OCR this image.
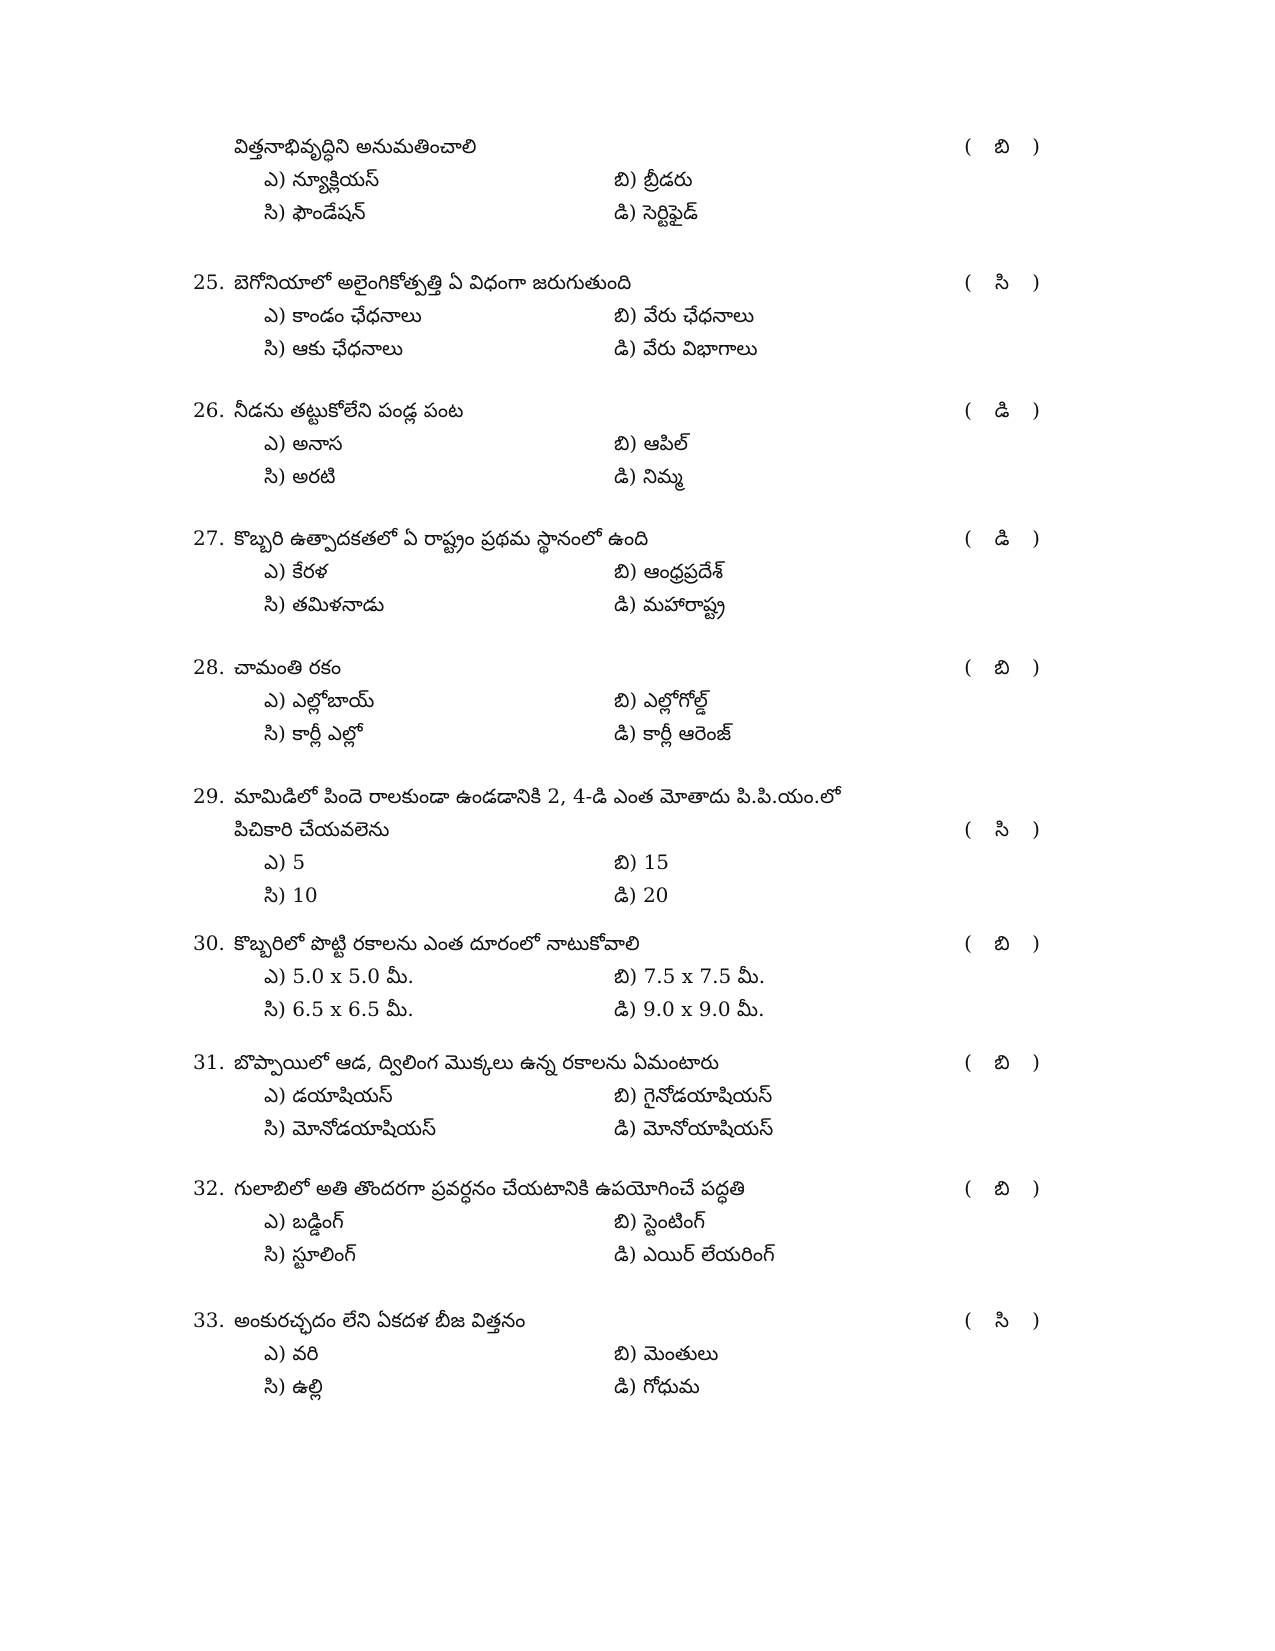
విత్తనాభివృద్ధిని అనుమతించాలి	(	బి	)
ఎ) న్యూక్లియస్	బి) బ్రీడరు
సి) ఫౌండేషన్	డి) సెర్టిఫైడ్
25. బెగోనియాలో అలైంగికోత్పత్తి ఏ విధంగా జరుగుతుంది	(	సి	)
ఎ) కాండం ఛేధనాలు	బి) వేరు ఛేధనాలు
సి) ఆకు ఛేధనాలు	డి) వేరు విభాగాలు
26. నీడను తట్టుకోలేని పండ్ల పంట	(	డి	)
ఎ) అనాస	బి) ఆపిల్
సి) అరటి	డి) నిమ్మ
27. కొబ్బరి ఉత్పాదకతలో ఏ రాష్ట్రం ప్రథమ స్థానంలో ఉంది	(	డి	)
ఎ) కేరళ	బి) ఆంధ్రప్రదేశ్
సి) తమిళనాడు	డి) మహారాష్ట్ర
28. చామంతి రకం	(	బి	)
ఎ) ఎల్లోబాయ్	బి) ఎల్లోగోల్డ్
సి) కార్లీ ఎల్లో	డి) కార్లీ ఆరెంజ్
29. మామిడిలో పిందె రాలకుండా ఉండడానికి 2, 4-డి ఎంత మోతాదు పి.పి.యం.లో
పిచికారి చేయవలెను	(	సి	)
ఎ) 5	బి) 15
సి) 10	డి) 20
30. కొబ్బరిలో పొట్టి రకాలను ఎంత దూరంలో నాటుకోవాలి	(	బి	)
ఎ) 5.0 x 5.0 మీ.	బి) 7.5 x 7.5 మీ.
సి) 6.5 x 6.5 మీ.	డి) 9.0 x 9.0 మీ.
31. బొప్పాయిలో ఆడ, ద్విలింగ మొక్కలు ఉన్న రకాలను ఏమంటారు	(	బి	)
ఎ) డయాషియస్	బి) గైనోడయాషియస్
సి) మోనోడయాషియస్	డి) మోనోయాషియస్
32. గులాబిలో అతి తొందరగా ప్రవర్ధనం చేయటానికి ఉపయోగించే పద్ధతి	(	బి	)
ఎ) బడ్డింగ్	బి) స్టెంటింగ్
సి) స్టూలింగ్	డి) ఎయిర్ లేయరింగ్
33. అంకురచ్ఛదం లేని ఏకదళ బీజ విత్తనం	(	సి	)
ఎ) వరి	బి) మెంతులు
సి) ఉల్లి	డి) గోధుమ
